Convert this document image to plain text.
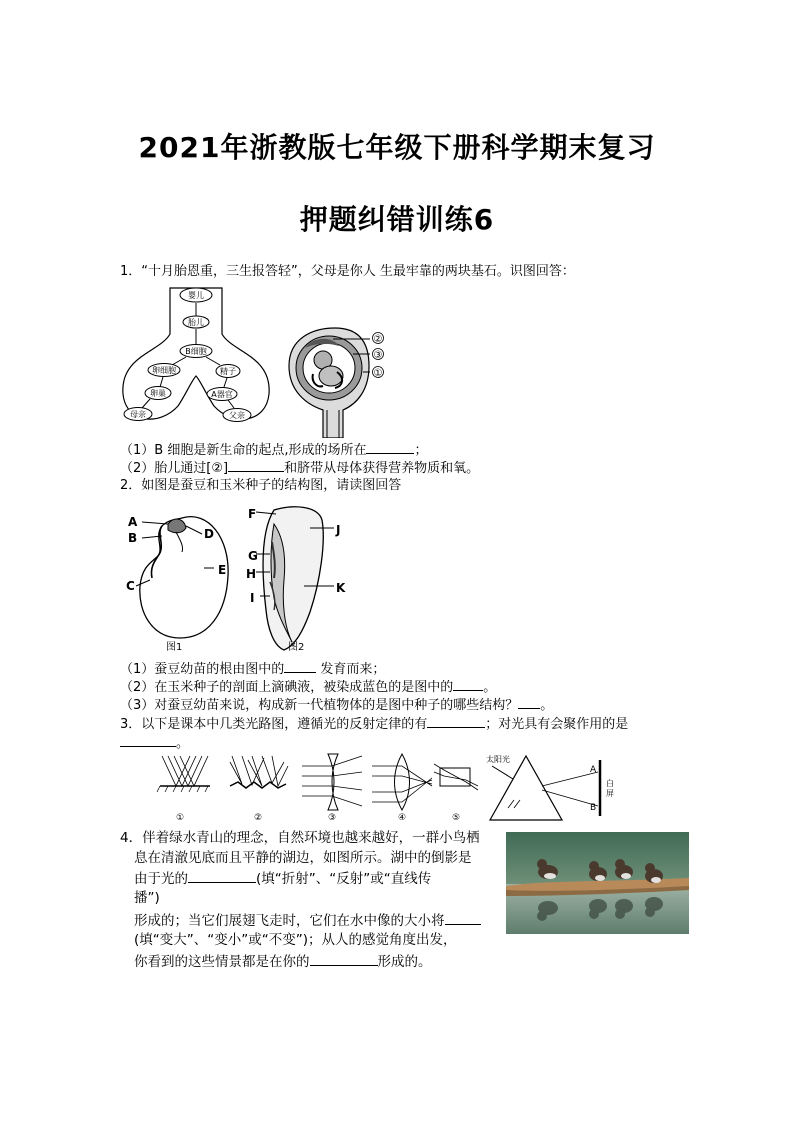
2021年浙教版七年级下册科学期末复习
押题纠错训练6
1．“十月胎恩重，三生报答轻”，父母是你人 生最牢靠的两块基石。识图回答：
婴儿
胎儿
B细胞
卵细胞	精子
卵巢	A器官
母亲	父亲
②
③
①
（1）B 细胞是新生命的起点,形成的场所在	；
（2）胎儿通过[②]	和脐带从母体获得营养物质和氧。
2．如图是蚕豆和玉米种子的结构图，请读图回答
A
B
C
D
E
图1
F
G
H
I
J
K
图2
（1）蚕豆幼苗的根由图中的 发育而来；
（2）在玉米种子的剖面上滴碘液，被染成蓝色的是图中的 。
（3）对蚕豆幼苗来说，构成新一代植物体的是图中种子的哪些结构？ 。
3．以下是课本中几类光路图，遵循光的反射定律的有	；对光具有会聚作用的是
。
①	②	③	④	⑤
太阳光
A
B
白
屏
4．伴着绿水青山的理念，自然环境也越来越好，一群小鸟栖
息在清澈见底而且平静的湖边，如图所示。湖中的倒影是
由于光的	(填“折射”、“反射”或“直线传
播”)
形成的；当它们展翅飞走时，它们在水中像的大小将
(填“变大”、“变小”或“不变”)；从人的感觉角度出发，
你看到的这些情景都是在你的	形成的。
